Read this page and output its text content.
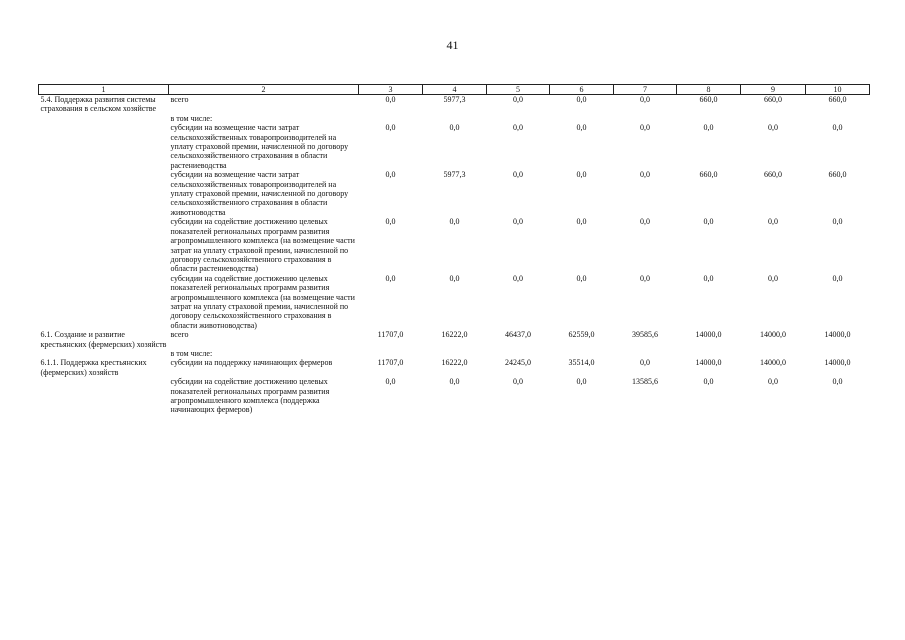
41
1	2	3	4	5	6	7	8	9	10
5.4. Поддержка развития системы страхования в сельском хозяйстве	всего	0,0	5977,3	0,0	0,0	0,0	660,0	660,0	660,0
	в том числе:								
	субсидии на возмещение части затрат сельскохозяйственных товаропроизводителей на уплату страховой премии, начисленной по договору сельскохозяйственного страхования в области растениеводства	0,0	0,0	0,0	0,0	0,0	0,0	0,0	0,0
	субсидии на возмещение части затрат сельскохозяйственных товаропроизводителей на уплату страховой премии, начисленной по договору сельскохозяйственного страхования в области животноводства	0,0	5977,3	0,0	0,0	0,0	660,0	660,0	660,0
	субсидии на содействие достижению целевых показателей региональных программ развития агропромышленного комплекса (на возмещение части затрат на уплату страховой премии, начисленной по договору сельскохозяйственного страхования в области растениеводства)	0,0	0,0	0,0	0,0	0,0	0,0	0,0	0,0
	субсидии на содействие достижению целевых показателей региональных программ развития агропромышленного комплекса (на возмещение части затрат на уплату страховой премии, начисленной по договору сельскохозяйственного страхования в области животноводства)	0,0	0,0	0,0	0,0	0,0	0,0	0,0	0,0
6.1. Создание и развитие крестьянских (фермерских) хозяйств	всего	11707,0	16222,0	46437,0	62559,0	39585,6	14000,0	14000,0	14000,0
	в том числе:								
6.1.1. Поддержка крестьянских (фермерских) хозяйств	субсидии на поддержку начинающих фермеров	11707,0	16222,0	24245,0	35514,0	0,0	14000,0	14000,0	14000,0
	субсидии на содействие достижению целевых показателей региональных программ развития агропромышленного комплекса (поддержка начинающих фермеров)	0,0	0,0	0,0	0,0	13585,6	0,0	0,0	0,0
